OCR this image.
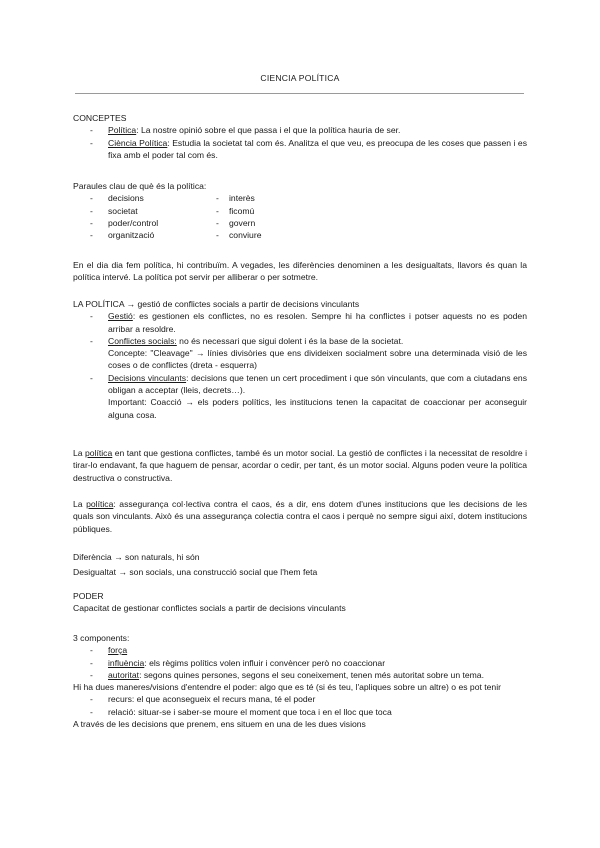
CIENCIA POLÍTICA
CONCEPTES
- Política: La nostre opinió sobre el que passa i el que la política hauria de ser.
- Ciència Política: Estudia la societat tal com és. Analitza el que veu, es preocupa de les coses que passen i es fixa amb el poder tal com és.
Paraules clau de què és la política:
- decisions	- interès
- societat	- ficomú
- poder/control	- govern
- organització	- conviure

En el dia dia fem política, hi contribuïm. A vegades, les diferències denominen a les desigualtats, llavors és quan la política intervé. La política pot servir per alliberar o per sotmetre.

LA POLÍTICA → gestió de conflictes socials a partir de decisions vinculants
- Gestió: es gestionen els conflictes, no es resolen. Sempre hi ha conflictes i potser aquests no es poden arribar a resoldre.
- Conflictes socials: no és necessari que sigui dolent i és la base de la societat.
Concepte: "Cleavage" → línies divisòries que ens divideixen socialment sobre una determinada visió de les coses o de conflictes (dreta - esquerra)
- Decisions vinculants: decisions que tenen un cert procediment i que són vinculants, que com a ciutadans ens obligan a acceptar (lleis, decrets…).
Important: Coacció → els poders polítics, les institucions tenen la capacitat de coaccionar per aconseguir alguna cosa.

La política en tant que gestiona conflictes, també és un motor social. La gestió de conflictes i la necessitat de resoldre i tirar-lo endavant, fa que haguem de pensar, acordar o cedir, per tant, és un motor social. Alguns poden veure la política destructiva o constructiva.

La política: assegurança col·lectiva contra el caos, és a dir, ens dotem d'unes institucions que les decisions de les quals son vinculants. Això és una assegurança colectia contra el caos i perquè no sempre sigui així, dotem institucions públiques.

Diferència → son naturals, hi són
Desigualtat → son socials, una construcció social que l'hem feta
PODER
Capacitat de gestionar conflictes socials a partir de decisions vinculants
3 components:
- força
- influència: els règims polítics volen influir i convèncer però no coaccionar
- autoritat: segons quines persones, segons el seu coneixement, tenen més autoritat sobre un tema.

Hi ha dues maneres/visions d'entendre el poder: algo que es té (si és teu, l'apliques sobre un altre) o es pot tenir

- recurs: el que aconsegueix el recurs mana, té el poder
- relació: situar-se i saber-se moure el moment que toca i en el lloc que toca
A través de les decisions que prenem, ens situem en una de les dues visions
